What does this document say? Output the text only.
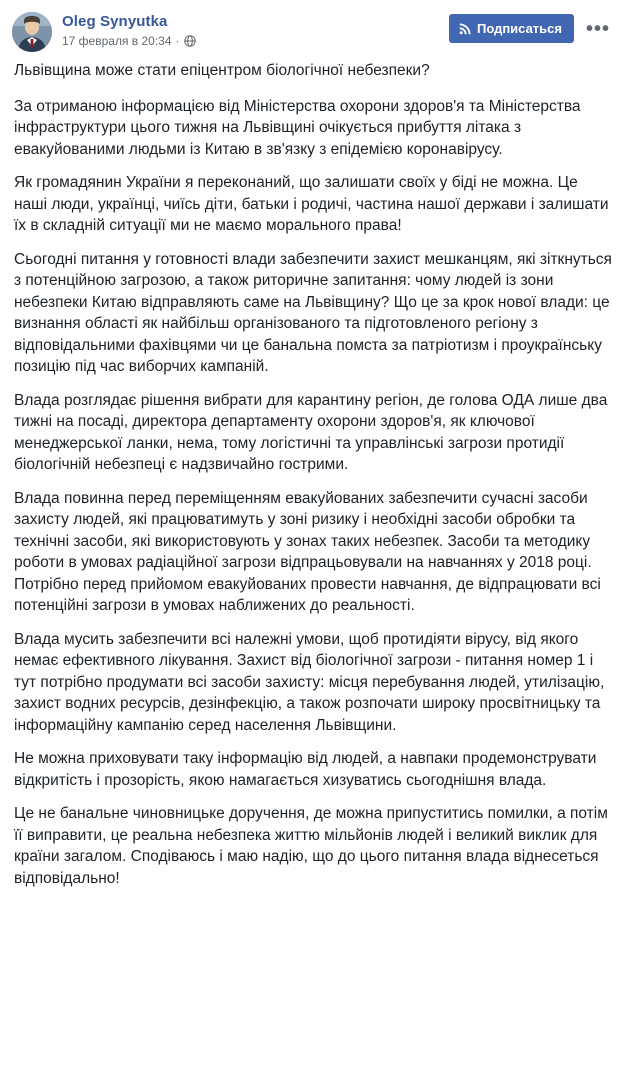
Oleg Synyutka
17 февраля в 20:34 ·
Подписаться •••

Львівщина може стати епіцентром біологічної небезпеки?

За отриманою інформацією від Міністерства охорони здоров'я та Міністерства інфраструктури цього тижня на Львівщині очікується прибуття літака з евакуйованими людьми із Китаю в зв'язку з епідемією коронавірусу.

Як громадянин України я переконаний, що залишати своїх у біді не можна. Це наші люди, українці, чиїсь діти, батьки і родичі, частина нашої держави і залишати їх в складній ситуації ми не маємо морального права!

Сьогодні питання у готовності влади забезпечити захист мешканцям, які зіткнуться з потенційною загрозою, а також риторичне запитання: чому людей із зони небезпеки Китаю відправляють саме на Львівщину? Що це за крок нової влади: це визнання області як найбільш організованого та підготовленого регіону з відповідальними фахівцями чи це банальна помста за патріотизм і проукраїнську позицію під час виборчих кампаній.

Влада розглядає рішення вибрати для карантину регіон, де голова ОДА лише два тижні на посаді, директора департаменту охорони здоров'я, як ключової менеджерської ланки, нема, тому логістичні та управлінські загрози протидії біологічній небезпеці є надзвичайно гострими.

Влада повинна перед переміщенням евакуйованих забезпечити сучасні засоби захисту людей, які працюватимуть у зоні ризику і необхідні засоби обробки та технічні засоби, які використовують у зонах таких небезпек. Засоби та методику роботи в умовах радіаційної загрози відпрацьовували на навчаннях у 2018 році. Потрібно перед прийомом евакуйованих провести навчання, де відпрацювати всі потенційні загрози в умовах наближених до реальності.

Влада мусить забезпечити всі належні умови, щоб протидіяти вірусу, від якого немає ефективного лікування. Захист від біологічної загрози - питання номер 1 і тут потрібно продумати всі засоби захисту: місця перебування людей, утилізацію, захист водних ресурсів, дезінфекцію, а також розпочати широку просвітницьку та інформаційну кампанію серед населення Львівщини.

Не можна приховувати таку інформацію від людей, а навпаки продемонструвати відкритість і прозорість, якою намагається хизуватись сьогоднішня влада.

Це не банальне чиновницьке доручення, де можна припуститись помилки, а потім її виправити, це реальна небезпека життю мільйонів людей і великий виклик для країни загалом. Сподіваюсь і маю надію, що до цього питання влада віднесеться відповідально!
